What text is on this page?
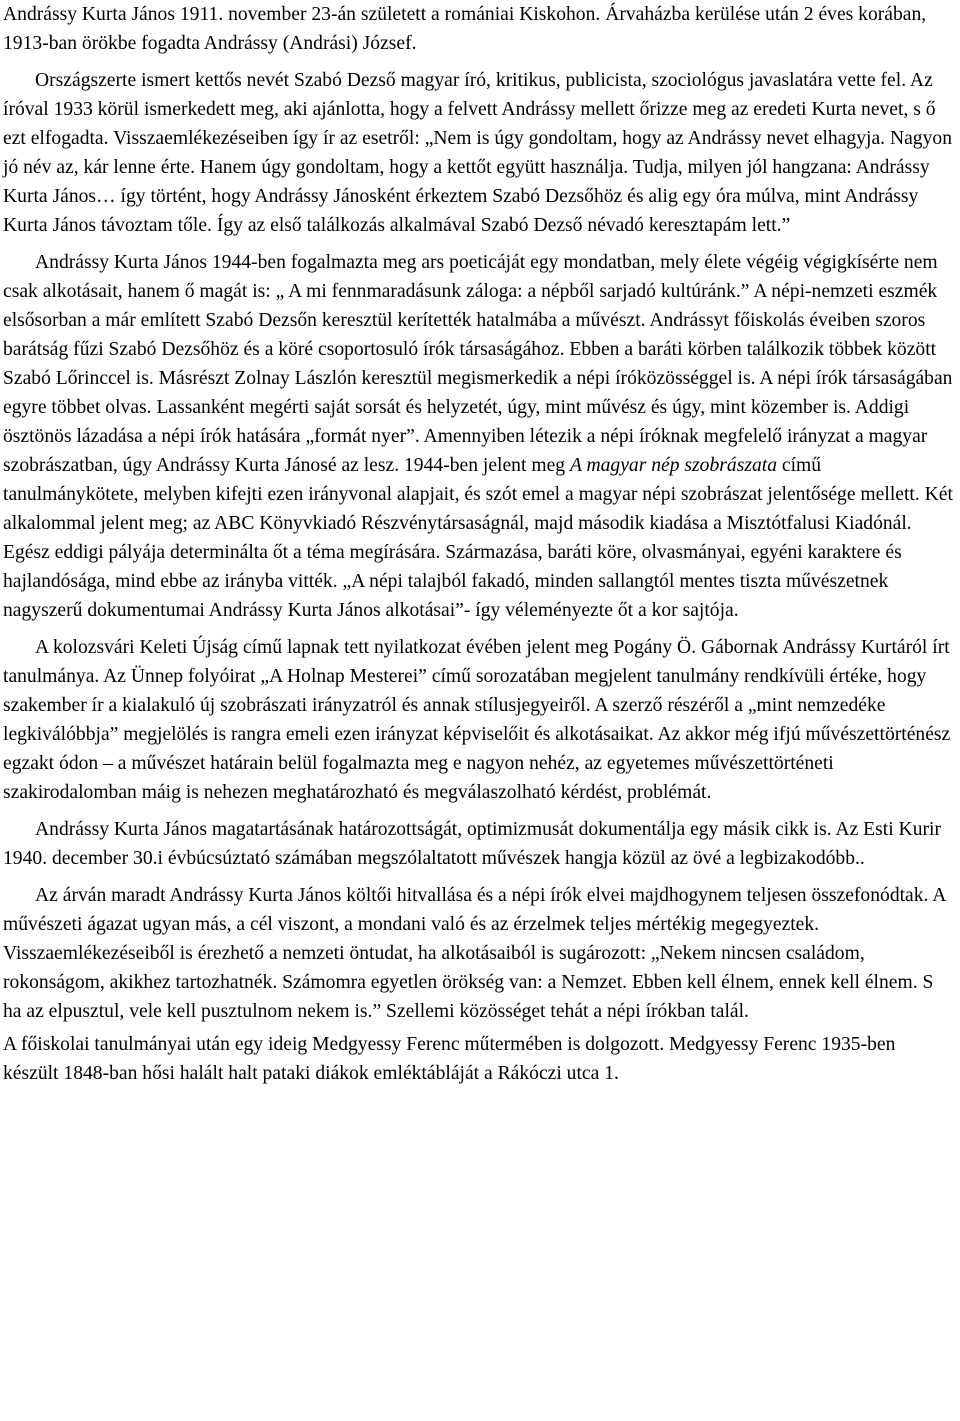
Andrássy Kurta János 1911. november 23-án született a romániai Kiskohon. Árvaházba kerülése után 2 éves korában, 1913-ban örökbe fogadta Andrássy (Andrási) József.

Országszerte ismert kettős nevét Szabó Dezső magyar író, kritikus, publicista, szociológus javaslatára vette fel. Az íróval 1933 körül ismerkedett meg, aki ajánlotta, hogy a felvett Andrássy mellett őrizze meg az eredeti Kurta nevet, s ő ezt elfogadta. Visszaemlékezéseiben így ír az esetről: „Nem is úgy gondoltam, hogy az Andrássy nevet elhagyja. Nagyon jó név az, kár lenne érte. Hanem úgy gondoltam, hogy a kettőt együtt használja. Tudja, milyen jól hangzana: Andrássy Kurta János… így történt, hogy Andrássy Jánosként érkeztem Szabó Dezsőhöz és alig egy óra múlva, mint Andrássy Kurta János távoztam tőle. Így az első találkozás alkalmával Szabó Dezső névadó keresztapám lett.”

Andrássy Kurta János 1944-ben fogalmazta meg ars poeticáját egy mondatban, mely élete végéig végigkísérte nem csak alkotásait, hanem ő magát is: „ A mi fennmaradásunk záloga: a népből sarjadó kultúránk.” A népi-nemzeti eszmék elsősorban a már említett Szabó Dezsőn keresztül kerítették hatalmába a művészt. Andrássyt főiskolás éveiben szoros barátság fűzi Szabó Dezsőhöz és a köré csoportosuló írók társaságához. Ebben a baráti körben találkozik többek között Szabó Lőrinccel is. Másrészt Zolnay Lászlón keresztül megismerkedik a népi íróközösséggel is. A népi írók társaságában egyre többet olvas. Lassanként megérti saját sorsát és helyzetét, úgy, mint művész és úgy, mint közember is. Addigi ösztönös lázadása a népi írók hatására „formát nyer”. Amennyiben létezik a népi íróknak megfelelő irányzat a magyar szobrászatban, úgy Andrássy Kurta Jánosé az lesz. 1944-ben jelent meg A magyar nép szobrászata című tanulmánykötete, melyben kifejti ezen irányvonal alapjait, és szót emel a magyar népi szobrászat jelentősége mellett. Két alkalommal jelent meg; az ABC Könyvkiadó Részvénytársaságnál, majd második kiadása a Misztótfalusi Kiadónál. Egész eddigi pályája determinálta őt a téma megírására. Származása, baráti köre, olvasmányai, egyéni karaktere és hajlandósága, mind ebbe az irányba vitték. „A népi talajból fakadó, minden sallangtól mentes tiszta művészetnek nagyszerű dokumentumai Andrássy Kurta János alkotásai”- így véleményezte őt a kor sajtója.

A kolozsvári Keleti Újság című lapnak tett nyilatkozat évében jelent meg Pogány Ö. Gábornak Andrássy Kurtáról írt tanulmánya. Az Ünnep folyóirat „A Holnap Mesterei” című sorozatában megjelent tanulmány rendkívüli értéke, hogy szakember ír a kialakuló új szobrászati irányzatról és annak stílusjegyeiről. A szerző részéről a „mint nemzedéke legkiválóbbja” megjelölés is rangra emeli ezen irányzat képviselőit és alkotásaikat. Az akkor még ifjú művészettörténész egzakt ódon – a művészet határain belül fogalmazta meg e nagyon nehéz, az egyetemes művészettörténeti szakirodalomban máig is nehezen meghatározható és megválaszolható kérdést, problémát.

Andrássy Kurta János magatartásának határozottságát, optimizmusát dokumentálja egy másik cikk is. Az Esti Kurir 1940. december 30.i évbúcsúztató számában megszólaltatott művészek hangja közül az övé a legbizakodóbb..

Az árván maradt Andrássy Kurta János költői hitvallása és a népi írók elvei majdhogynem teljesen összefonódtak. A művészeti ágazat ugyan más, a cél viszont, a mondani való és az érzelmek teljes mértékig megegyeztek. Visszaemlékezéseiből is érezhető a nemzeti öntudat, ha alkotásaiból is sugározott: „Nekem nincsen családom, rokonságom, akikhez tartozhatnék. Számomra egyetlen örökség van: a Nemzet. Ebben kell élnem, ennek kell élnem. S ha az elpusztul, vele kell pusztulnom nekem is.” Szellemi közösséget tehát a népi írókban talál.

A főiskolai tanulmányai után egy ideig Medgyessy Ferenc műtermében is dolgozott. Medgyessy Ferenc 1935-ben készült 1848-ban hősi halált halt pataki diákok emléktábláját a Rákóczi utca 1.
